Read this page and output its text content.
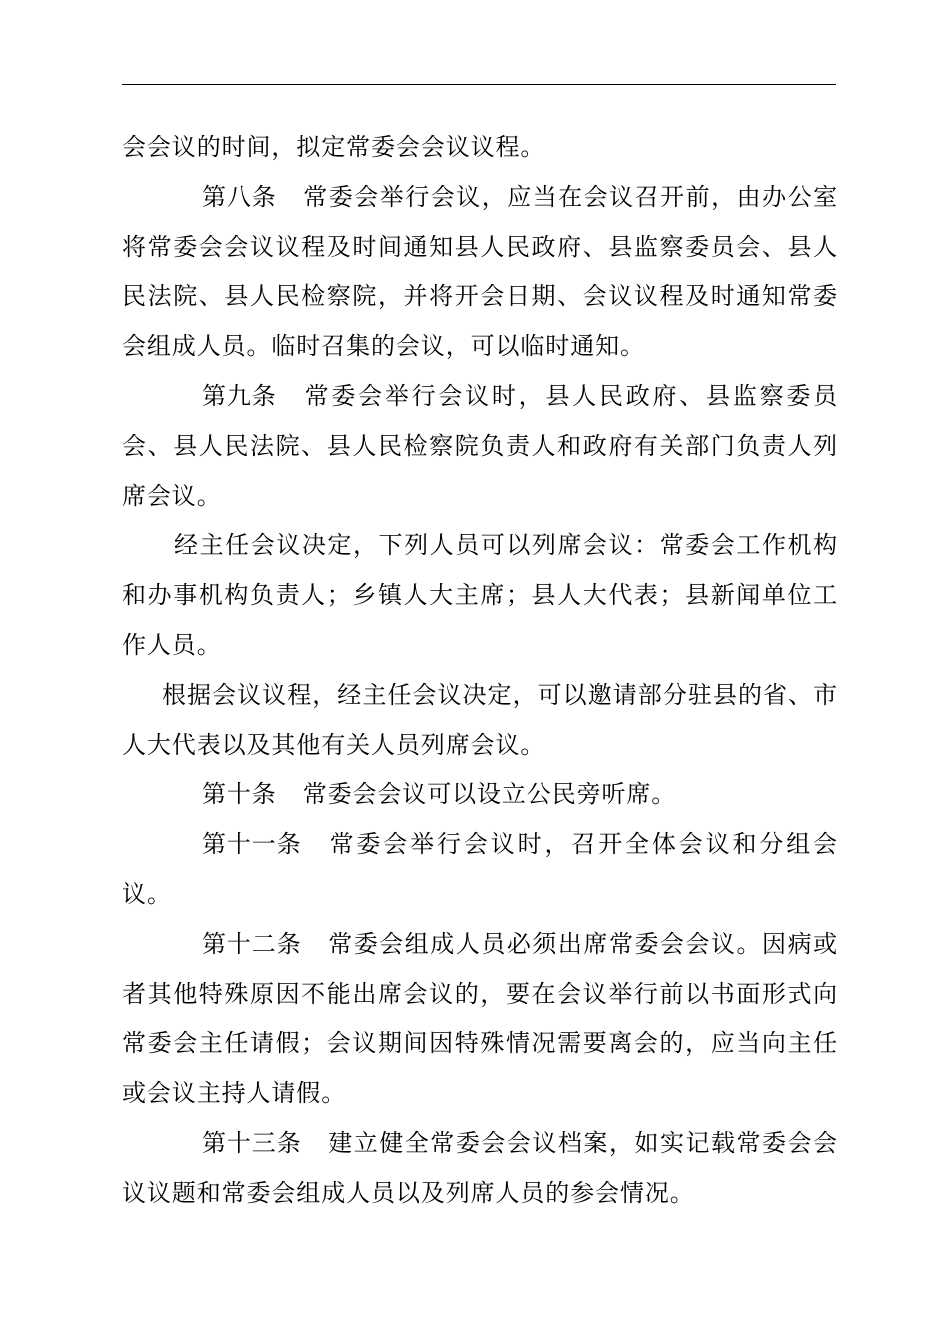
会会议的时间，拟定常委会会议议程。

第八条 常委会举行会议，应当在会议召开前，由办公室将常委会会议议程及时间通知县人民政府、县监察委员会、县人民法院、县人民检察院，并将开会日期、会议议程及时通知常委会组成人员。临时召集的会议，可以临时通知。

第九条 常委会举行会议时，县人民政府、县监察委员会、县人民法院、县人民检察院负责人和政府有关部门负责人列席会议。

经主任会议决定，下列人员可以列席会议：常委会工作机构和办事机构负责人；乡镇人大主席；县人大代表；县新闻单位工作人员。

根据会议议程，经主任会议决定，可以邀请部分驻县的省、市人大代表以及其他有关人员列席会议。

第十条 常委会会议可以设立公民旁听席。

第十一条 常委会举行会议时，召开全体会议和分组会议。

第十二条 常委会组成人员必须出席常委会会议。因病或者其他特殊原因不能出席会议的，要在会议举行前以书面形式向常委会主任请假；会议期间因特殊情况需要离会的，应当向主任或会议主持人请假。

第十三条 建立健全常委会会议档案，如实记载常委会会议议题和常委会组成人员以及列席人员的参会情况。
